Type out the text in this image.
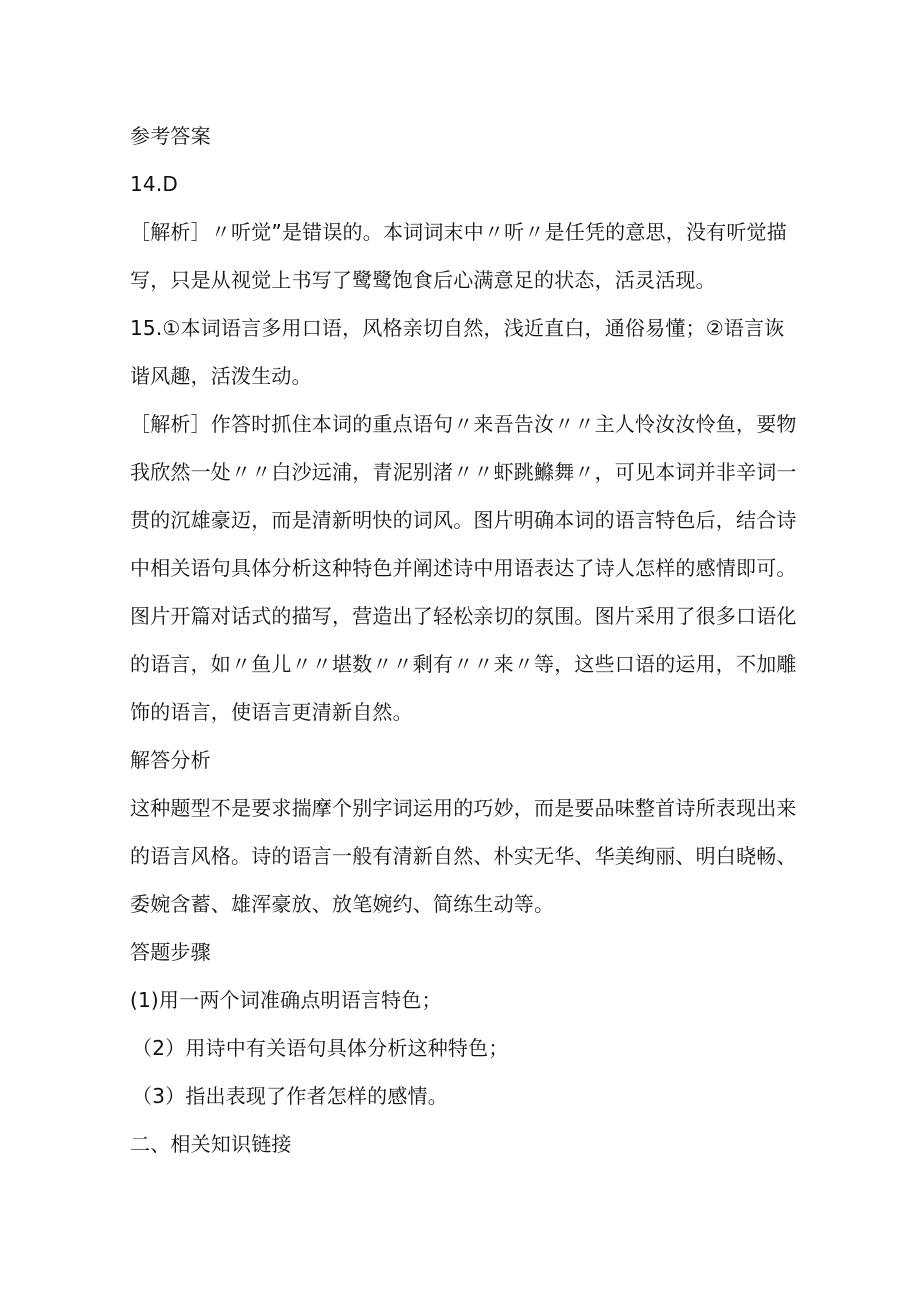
参考答案
14.D
［解析］〃听觉”是错误的。本词词末中〃听〃是任凭的意思，没有听觉描
写，只是从视觉上书写了鹭鹭饱食后心满意足的状态，活灵活现。
15.①本词语言多用口语，风格亲切自然，浅近直白，通俗易懂；②语言诙
谐风趣，活泼生动。
［解析］作答时抓住本词的重点语句〃来吾告汝〃〃主人怜汝汝怜鱼，要物
我欣然一处〃〃白沙远浦，青泥别渚〃〃虾跳鰷舞〃，可见本词并非辛词一
贯的沉雄豪迈，而是清新明快的词风。图片明确本词的语言特色后，结合诗
中相关语句具体分析这种特色并阐述诗中用语表达了诗人怎样的感情即可。
图片开篇对话式的描写，营造出了轻松亲切的氛围。图片采用了很多口语化
的语言，如〃鱼儿〃〃堪数〃〃剩有〃〃来〃等，这些口语的运用，不加雕
饰的语言，使语言更清新自然。
解答分析
这种题型不是要求揣摩个别字词运用的巧妙，而是要品味整首诗所表现出来
的语言风格。诗的语言一般有清新自然、朴实无华、华美绚丽、明白晓畅、
委婉含蓄、雄浑豪放、放笔婉约、简练生动等。
答题步骤
(1)用一两个词准确点明语言特色；
（2）用诗中有关语句具体分析这种特色；
（3）指出表现了作者怎样的感情。
二、相关知识链接
